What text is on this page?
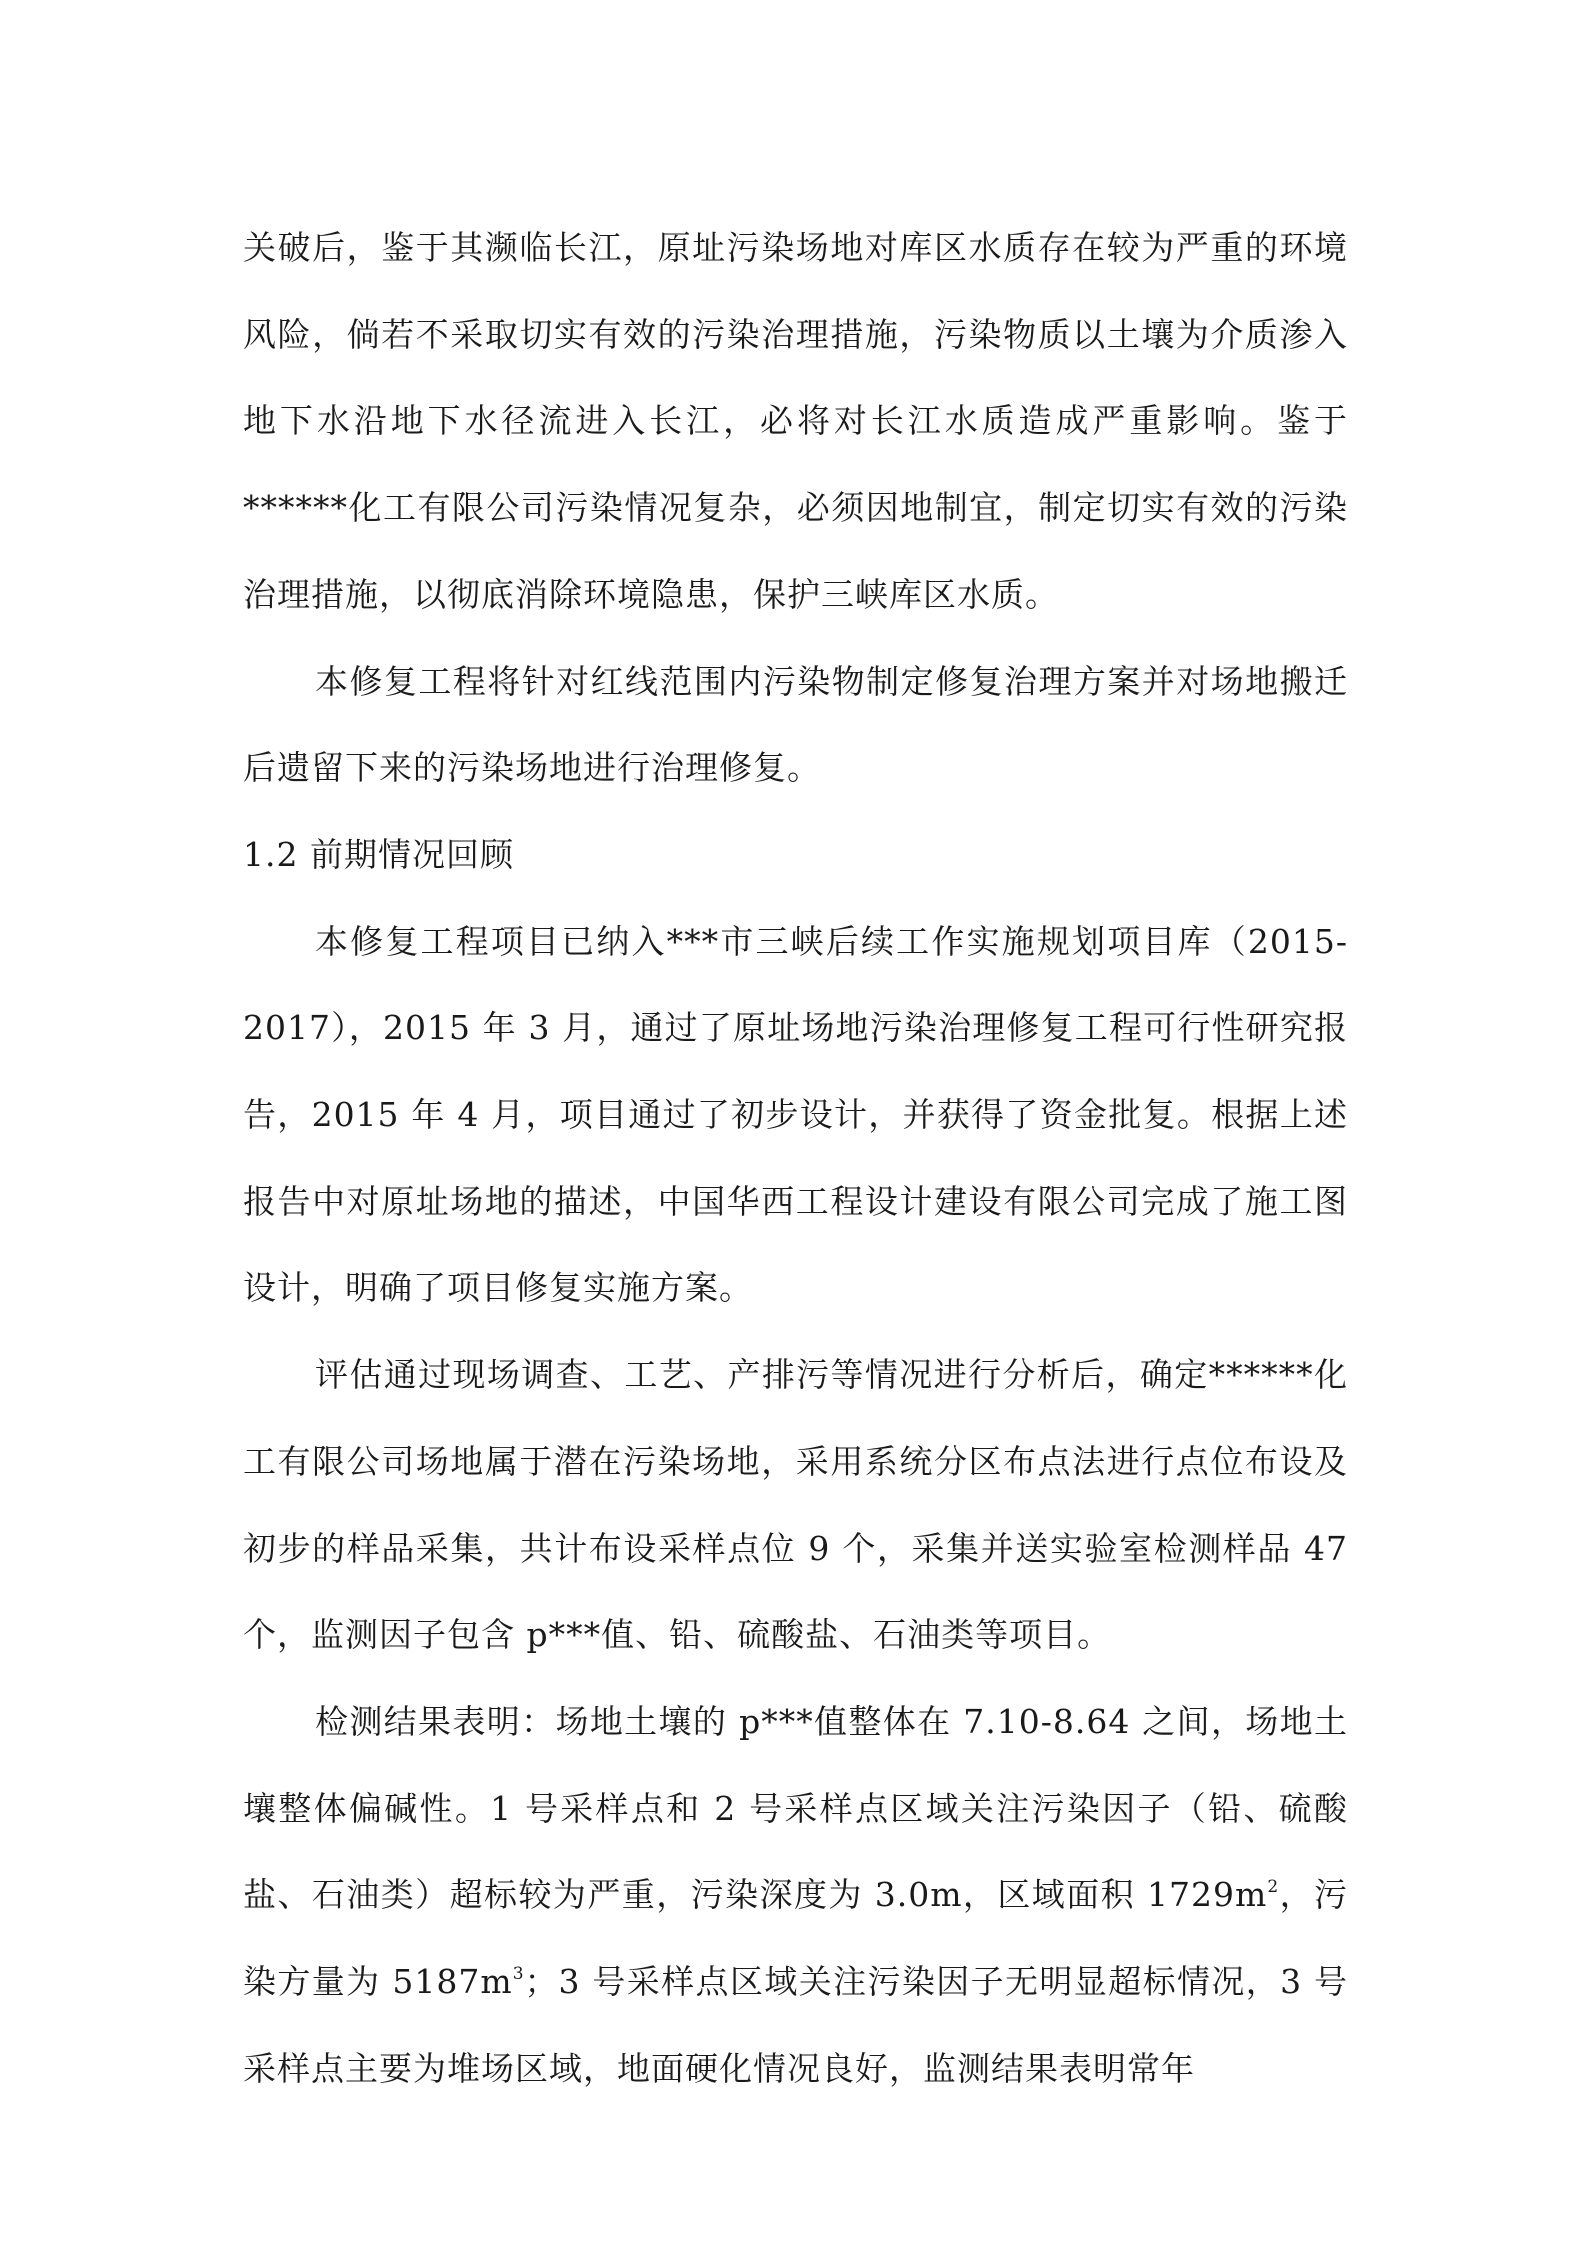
关破后，鉴于其濒临长江，原址污染场地对库区水质存在较为严重的环境风险，倘若不采取切实有效的污染治理措施，污染物质以土壤为介质渗入地下水沿地下水径流进入长江，必将对长江水质造成严重影响。鉴于******化工有限公司污染情况复杂，必须因地制宜，制定切实有效的污染治理措施，以彻底消除环境隐患，保护三峡库区水质。

本修复工程将针对红线范围内污染物制定修复治理方案并对场地搬迁后遗留下来的污染场地进行治理修复。

1.2 前期情况回顾

本修复工程项目已纳入***市三峡后续工作实施规划项目库（2015-2017），2015 年 3 月，通过了原址场地污染治理修复工程可行性研究报告，2015 年 4 月，项目通过了初步设计，并获得了资金批复。根据上述报告中对原址场地的描述，中国华西工程设计建设有限公司完成了施工图设计，明确了项目修复实施方案。

评估通过现场调查、工艺、产排污等情况进行分析后，确定******化工有限公司场地属于潜在污染场地，采用系统分区布点法进行点位布设及初步的样品采集，共计布设采样点位 9 个，采集并送实验室检测样品 47 个，监测因子包含 p***值、铅、硫酸盐、石油类等项目。

检测结果表明：场地土壤的 p***值整体在 7.10-8.64 之间，场地土壤整体偏碱性。1 号采样点和 2 号采样点区域关注污染因子（铅、硫酸盐、石油类）超标较为严重，污染深度为 3.0m，区域面积 $1729m^2$，污染方量为 $5187m^3$；3 号采样点区域关注污染因子无明显超标情况，3 号采样点主要为堆场区域，地面硬化情况良好，监测结果表明常年
